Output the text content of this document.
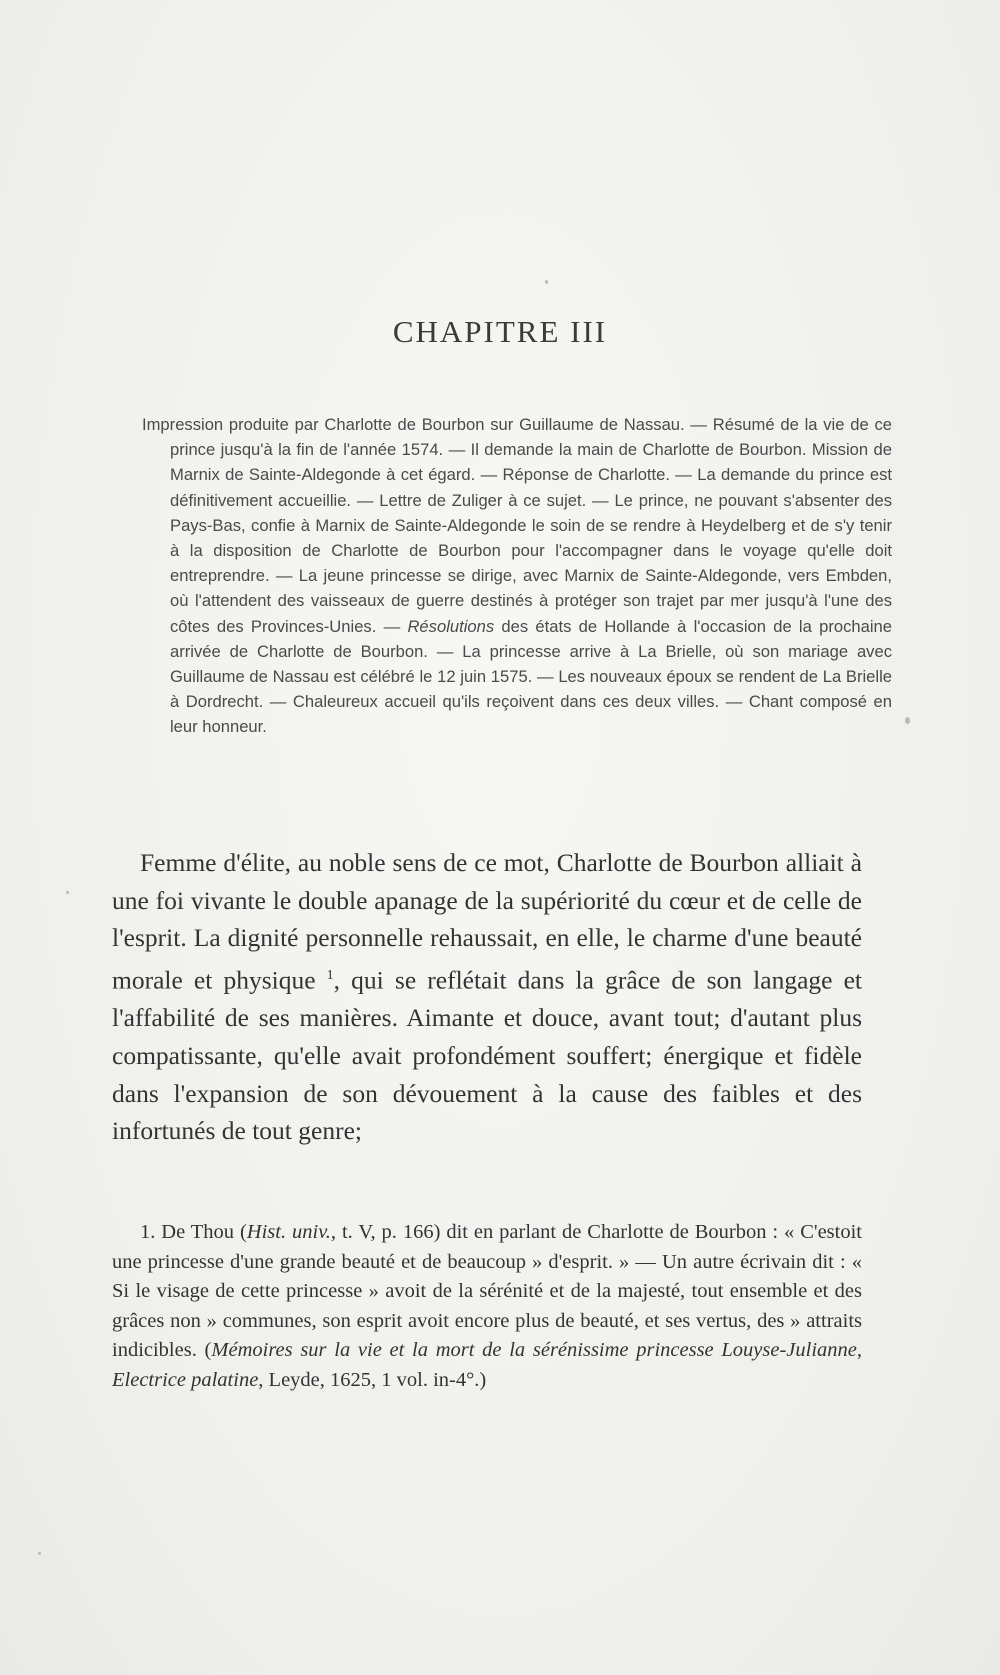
CHAPITRE III

Impression produite par Charlotte de Bourbon sur Guillaume de Nassau. — Résumé de la vie de ce prince jusqu'à la fin de l'année 1574. — Il demande la main de Charlotte de Bourbon. Mission de Marnix de Sainte-Aldegonde à cet égard. — Réponse de Charlotte. — La demande du prince est définitivement accueillie. — Lettre de Zuliger à ce sujet. — Le prince, ne pouvant s'absenter des Pays-Bas, confie à Marnix de Sainte-Aldegonde le soin de se rendre à Heydelberg et de s'y tenir à la disposition de Charlotte de Bourbon pour l'accompagner dans le voyage qu'elle doit entreprendre. — La jeune princesse se dirige, avec Marnix de Sainte-Aldegonde, vers Embden, où l'attendent des vaisseaux de guerre destinés à protéger son trajet par mer jusqu'à l'une des côtes des Provinces-Unies. — Résolutions des états de Hollande à l'occasion de la prochaine arrivée de Charlotte de Bourbon. — La princesse arrive à La Brielle, où son mariage avec Guillaume de Nassau est célébré le 12 juin 1575. — Les nouveaux époux se rendent de La Brielle à Dordrecht. — Chaleureux accueil qu'ils reçoivent dans ces deux villes. — Chant composé en leur honneur.

Femme d'élite, au noble sens de ce mot, Charlotte de Bourbon alliait à une foi vivante le double apanage de la supériorité du cœur et de celle de l'esprit. La dignité personnelle rehaussait, en elle, le charme d'une beauté morale et physique $^1$, qui se reflétait dans la grâce de son langage et l'affabilité de ses manières. Aimante et douce, avant tout; d'autant plus compatissante, qu'elle avait profondément souffert; énergique et fidèle dans l'expansion de son dévouement à la cause des faibles et des infortunés de tout genre;

1. De Thou (Hist. univ., t. V, p. 166) dit en parlant de Charlotte de Bourbon : « C'estoit une princesse d'une grande beauté et de beaucoup » d'esprit. » — Un autre écrivain dit : « Si le visage de cette princesse » avoit de la sérénité et de la majesté, tout ensemble et des grâces non » communes, son esprit avoit encore plus de beauté, et ses vertus, des » attraits indicibles. (Mémoires sur la vie et la mort de la sérénissime princesse Louyse-Julianne, Electrice palatine, Leyde, 1625, 1 vol. in-4°.)
